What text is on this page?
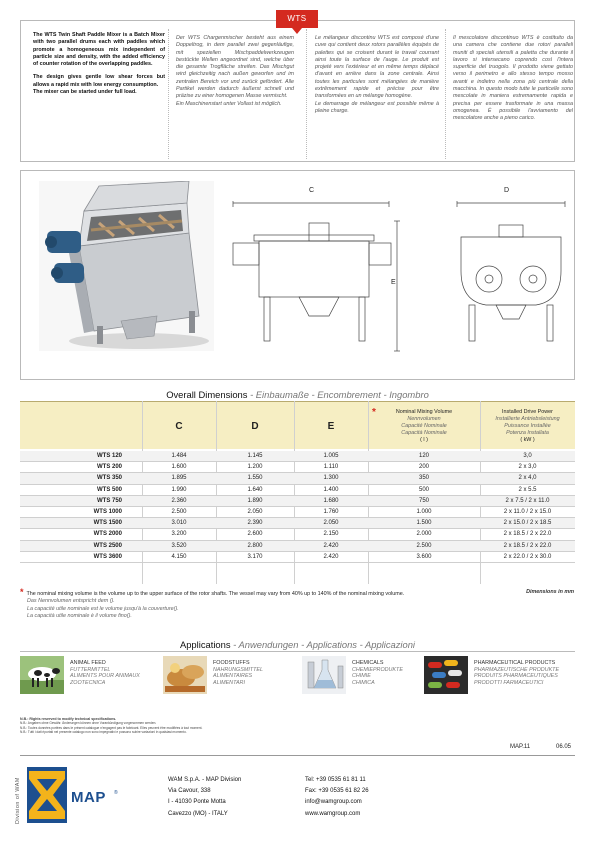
The WTS Twin Shaft Paddle Mixer is a Batch Mixer with two parallel drums each with paddles which promote a homogeneous mix independent of particle size and density, with the added efficiency of counter rotation of the overlapping paddles.

The design gives gentle low shear forces but allows a rapid mix with low energy consumption.

The mixer can be started under full load.

Der WTS Chargenmischer besteht aus einem Doppeltrog, in dem parallel zwei gegenläufige, mit speziellen Mischpaddelwerkzeugen bestückte Wellen angeordnet sind, welche über die gesamte Trogfläche streifen. Das Mischgut wird gleichzeitig nach außen geworfen und im zentralen Bereich vor und zurück gefördert. Alle Partikel werden dadurch äußerst schnell und präzise zu einer homogenen Masse vermischt.
Ein Maschinenstart unter Vollast ist möglich.

Le mélangeur discontinu WTS est composé d'une cuve qui contient deux rotors parallèles équipés de palettes qui se croisent durant le travail courrant ainsi toute la surface de l'auge. Le produit est projeté vers l'extérieur et en même temps déplacé d'avant en arrière dans la zone centrale. Ainsi toutes les particules sont mélangées de manière extrêmement rapide et précise pour être transformées en un mélange homogène.
Le demarrage de mélangeur est possible même à pleine charge.

Il mescolatore discontinuo WTS è costituito da una camera che contiene due rotori paralleli muniti di speciali utensili a paletta che durante il lavoro si intersecano coprendo così l'intera superficie del truogolo. Il prodotto viene gettato verso il perimetro e allo stesso tempo mosso avanti e indietro nella zona più centrale della macchina. In questo modo tutte le particelle sono mescolate in maniera estremamente rapida e precisa per essere trasformate in una massa omogenea. È possibile l'avviamento del mescolatore anche a pieno carico.

WTS
C
E
D
Overall Dimensions - Einbaumaße - Encombrement - Ingombro
C	D	E
*	Nominal Mixing Volume
Nennvolumen
Capacité Nominale
Capacità Nominale
( l )
Installed Drive Power
Installierte Antriebsleistung
Puissance Installée
Potenza Installata
( kW )
WTS 120	1.484	1.145	1.005	120	3,0
WTS 200	1.600	1.200	1.110	200	2 x 3,0
WTS 350	1.895	1.550	1.300	350	2 x 4,0
WTS 500	1.990	1.640	1.400	500	2 x 5.5
WTS 750	2.360	1.890	1.680	750	2 x 7.5 / 2 x 11.0
WTS 1000	2.500	2.050	1.760	1.000	2 x 11.0 / 2 x 15.0
WTS 1500	3.010	2.390	2.050	1.500	2 x 15.0 / 2 x 18.5
WTS 2000	3.200	2.600	2.150	2.000	2 x 18.5 / 2 x 22.0
WTS 2500	3.520	2.800	2.420	2.500	2 x 18.5 / 2 x 22.0
WTS 3600	4.150	3.170	2.420	3.600	2 x 22.0 / 2 x 30.0
* The nominal mixing volume is the volume up to the upper surface of the rotor shafts. The vessel may vary from 40% up to 140% of the nominal mixing volume.
Das Nennvolumen entspricht dem ().
La capacité utile nominale est le volume jusqu'à la couverture().
La capacità utile nominale è il volume fino().
Dimensions in mm
Applications - Anwendungen - Applications - Applicazioni
ANIMAL FEED
FUTTERMITTEL
ALIMENTS POUR ANIMAUX
ZOOTECNICA
FOODSTUFFS
NAHRUNGSMITTEL
ALIMENTAIRES
ALIMENTARI
CHEMICALS
CHEMIEPRODUKTE
CHIMIE
CHIMICA
PHARMACEUTICAL PRODUCTS
PHARMAZEUTISCHE PRODUKTE
PRODUITS PHARMACEUTIQUES
PRODOTTI FARMACEUTICI
N.B.: Rights reserved to modify technical specifications.
N.B.: Angaben ohne Gewähr. Änderungen können ohne Vorankündigung vorgenommen werden.
N.B.: Toutes données portées dans le présent catalogue n'engagent pas le fabricant. Elles peuvent être modifiées à tout moment.
N.B.: Tutti i dati riportati nel presente catalogo non sono impegnativi e possono subire variazioni in qualsiasi momento.
MAP.11	06.05
Division of WAM	MAP ®
WAM S.p.A. - MAP Division
Via Cavour, 338
I - 41030 Ponte Motta
Cavezzo (MO) - ITALY
Tel: +39 0535 61 81 11
Fax: +39 0535 61 82 26
info@wamgroup.com
www.wamgroup.com
